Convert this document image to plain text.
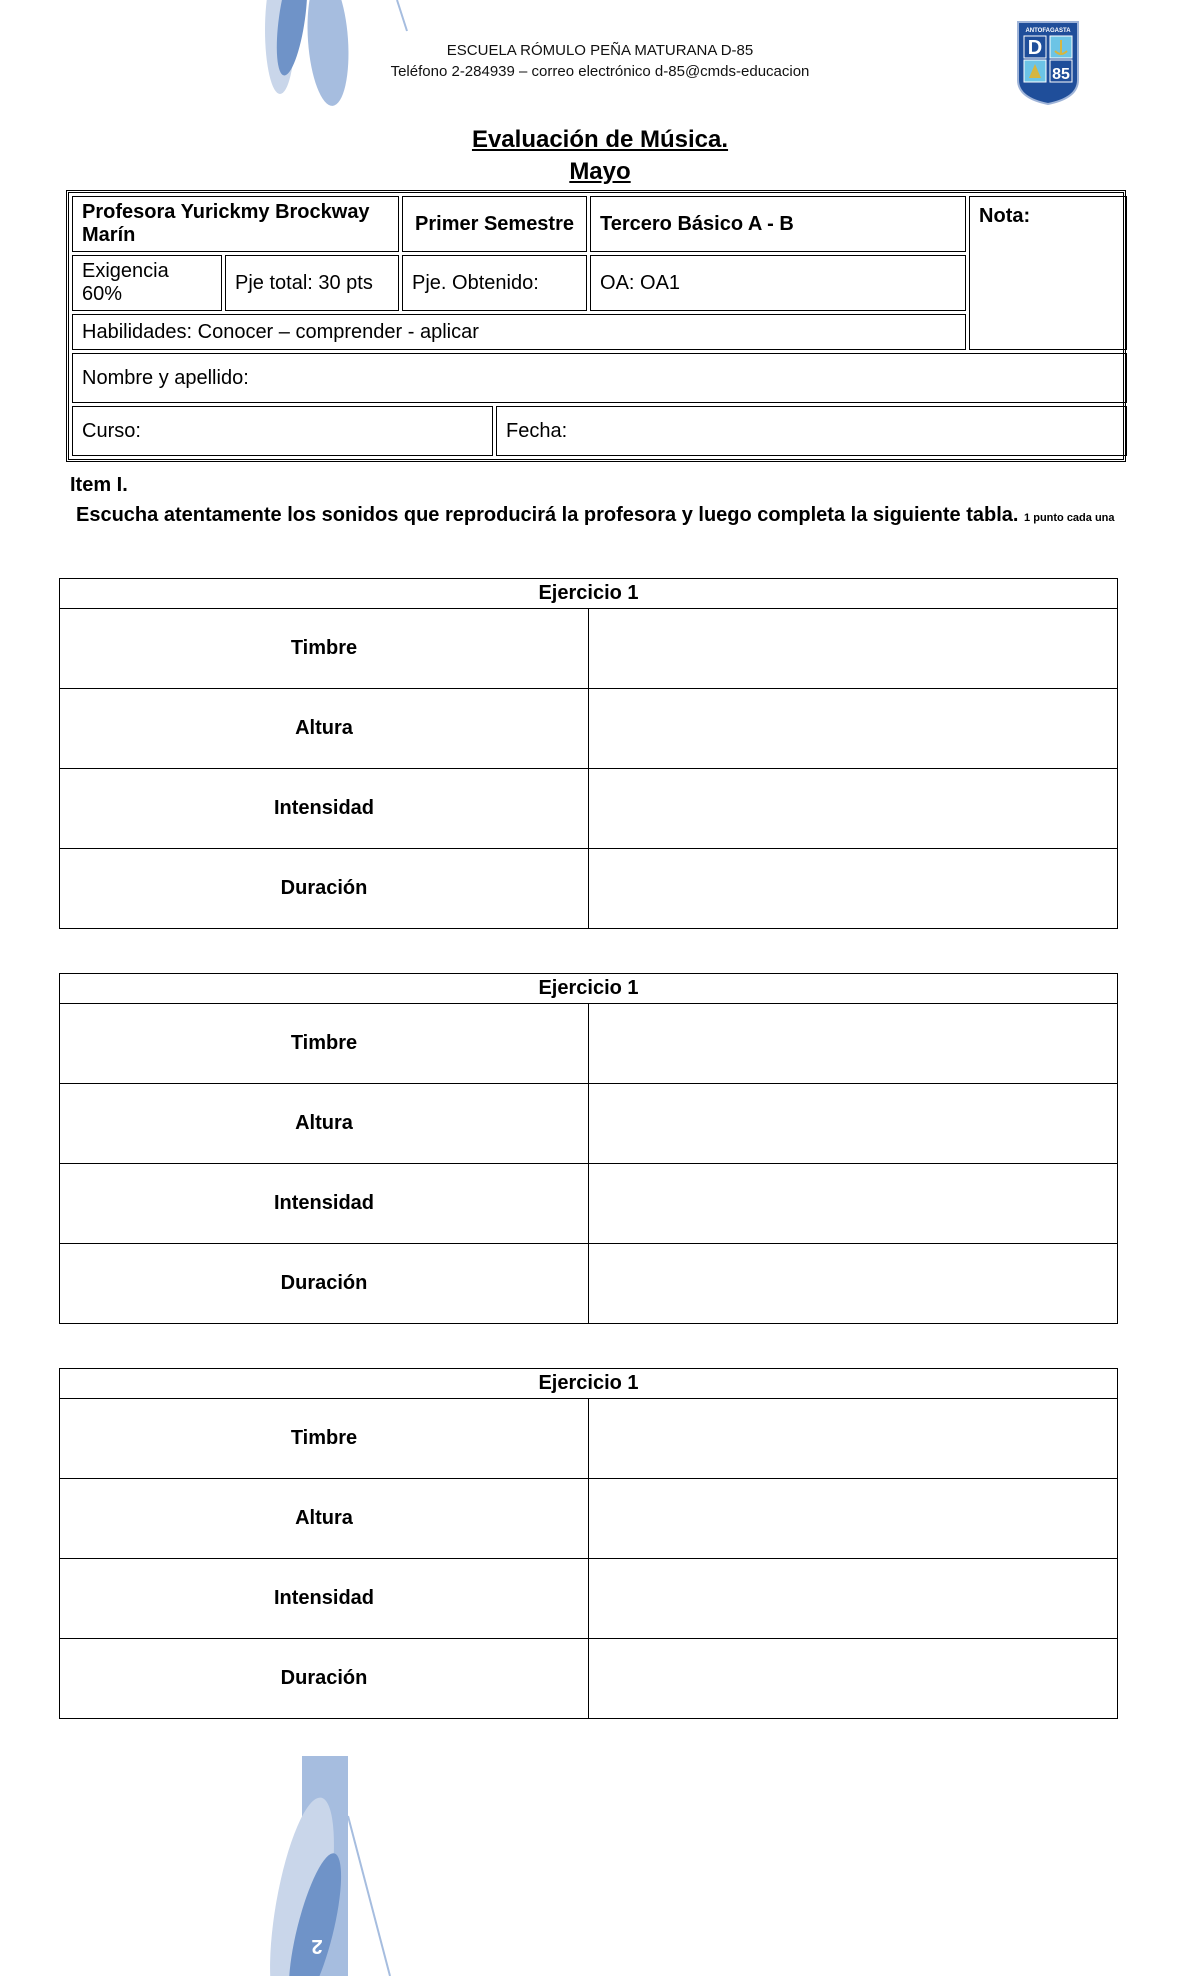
ESCUELA RÓMULO PEÑA MATURANA D-85
Teléfono 2-284939 – correo electrónico d-85@cmds-educacion
ANTOFAGASTA
D
85
Evaluación de Música.
Mayo
Profesora Yurickmy Brockway Marín		Primer Semestre		Tercero Básico A - B	Nota:
Exigencia 60%	Pje total: 30 pts	Pje. Obtenido:		OA: OA1	
Habilidades: Conocer – comprender - aplicar					
Nombre y apellido:					
Curso:			Fecha:		
Item I.
Escucha atentamente los sonidos que reproducirá la profesora y luego completa la siguiente tabla. 1 punto cada una
Ejercicio 1	
Timbre	
Altura	
Intensidad	
Duración	
Ejercicio 1	
Timbre	
Altura	
Intensidad	
Duración	
Ejercicio 1	
Timbre	
Altura	
Intensidad	
Duración	
2
